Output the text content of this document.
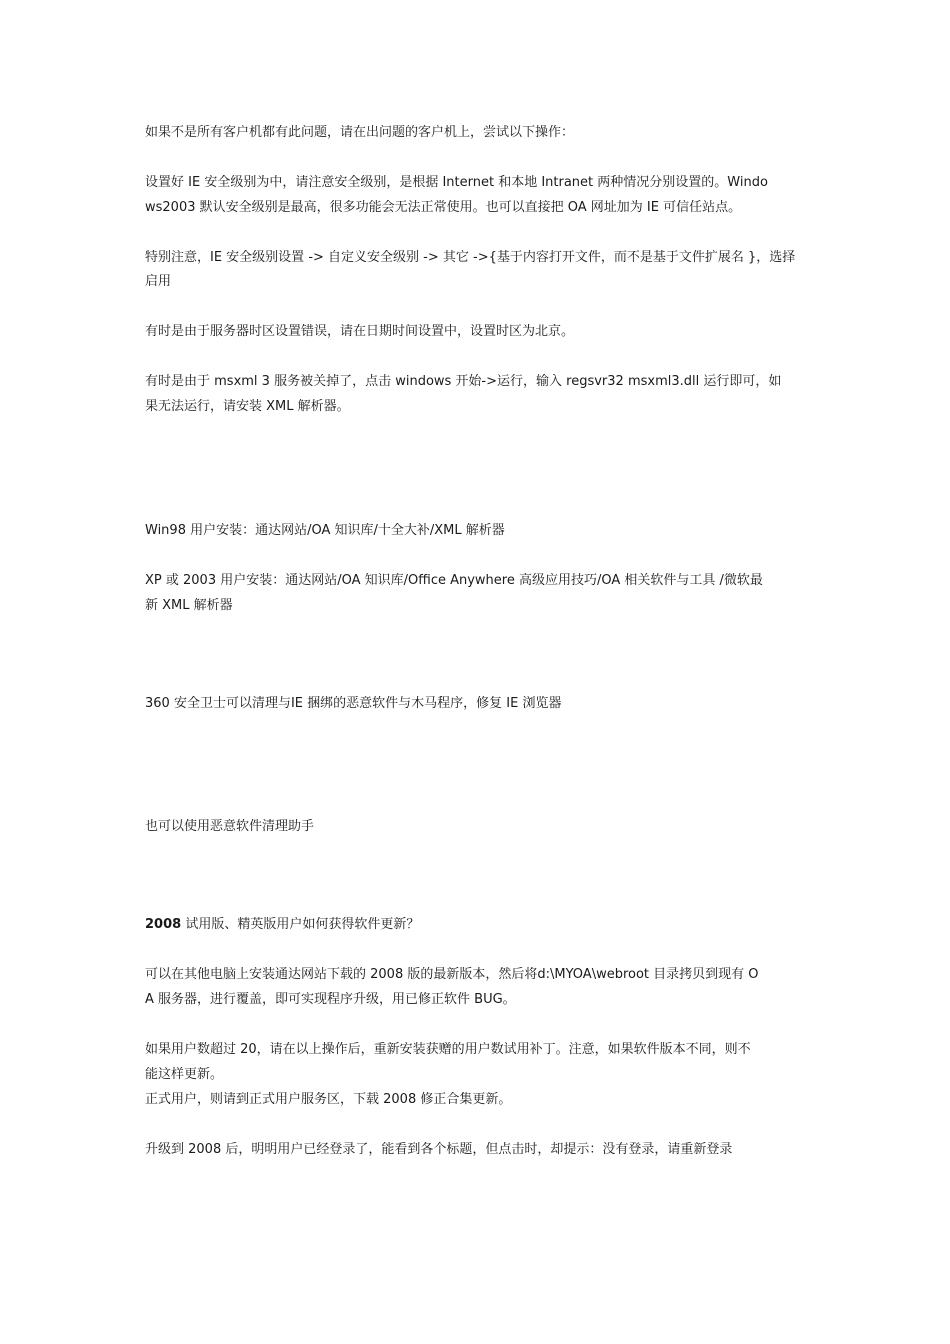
如果不是所有客户机都有此问题，请在出问题的客户机上，尝试以下操作：
设置好 IE 安全级别为中，请注意安全级别，是根据 Internet 和本地 Intranet 两种情况分别设置的。Windo
ws2003 默认安全级别是最高，很多功能会无法正常使用。也可以直接把 OA 网址加为 IE 可信任站点。
特别注意，IE 安全级别设置 -> 自定义安全级别 -> 其它 ->{基于内容打开文件，而不是基于文件扩展名 }，选择
启用
有时是由于服务器时区设置错误，请在日期时间设置中，设置时区为北京。
有时是由于 msxml 3 服务被关掉了，点击 windows 开始->运行，输入 regsvr32 msxml3.dll 运行即可，如
果无法运行，请安装 XML 解析器。
Win98 用户安装：通达网站/OA 知识库/十全大补/XML 解析器
XP 或 2003 用户安装：通达网站/OA 知识库/Office Anywhere 高级应用技巧/OA 相关软件与工具 /微软最
新 XML 解析器
360 安全卫士可以清理与IE 捆绑的恶意软件与木马程序，修复 IE 浏览器
也可以使用恶意软件清理助手
2008 试用版、精英版用户如何获得软件更新？
可以在其他电脑上安装通达网站下载的 2008 版的最新版本，然后将d:\MYOA\webroot 目录拷贝到现有 O
A 服务器，进行覆盖，即可实现程序升级，用已修正软件 BUG。
如果用户数超过 20，请在以上操作后，重新安装获赠的用户数试用补丁。注意，如果软件版本不同，则不
能这样更新。
正式用户，则请到正式用户服务区，下载 2008 修正合集更新。
升级到 2008 后，明明用户已经登录了，能看到各个标题，但点击时，却提示：没有登录，请重新登录
